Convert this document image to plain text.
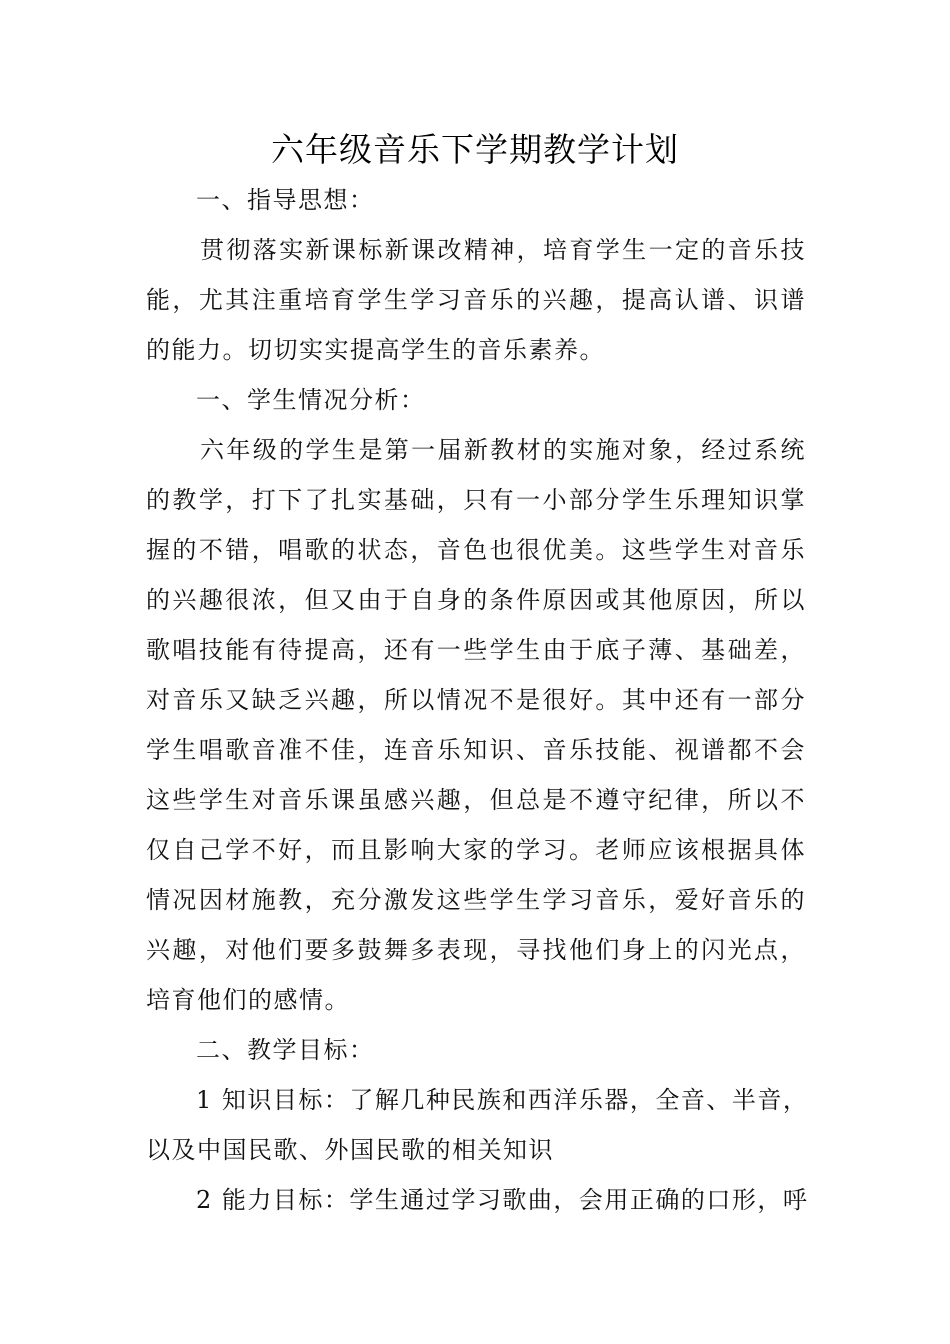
六年级音乐下学期教学计划
一、指导思想：
贯彻落实新课标新课改精神，培育学生一定的音乐技
能，尤其注重培育学生学习音乐的兴趣，提高认谱、识谱
的能力。切切实实提高学生的音乐素养。
一、学生情况分析：
六年级的学生是第一届新教材的实施对象，经过系统
的教学，打下了扎实基础，只有一小部分学生乐理知识掌
握的不错，唱歌的状态，音色也很优美。这些学生对音乐
的兴趣很浓，但又由于自身的条件原因或其他原因，所以
歌唱技能有待提高，还有一些学生由于底子薄、基础差，
对音乐又缺乏兴趣，所以情况不是很好。其中还有一部分
学生唱歌音准不佳，连音乐知识、音乐技能、视谱都不会
这些学生对音乐课虽感兴趣，但总是不遵守纪律，所以不
仅自己学不好，而且影响大家的学习。老师应该根据具体
情况因材施教，充分激发这些学生学习音乐，爱好音乐的
兴趣，对他们要多鼓舞多表现，寻找他们身上的闪光点，
培育他们的感情。
二、教学目标：
1 知识目标：了解几种民族和西洋乐器，全音、半音，
以及中国民歌、外国民歌的相关知识
2 能力目标：学生通过学习歌曲，会用正确的口形，呼
